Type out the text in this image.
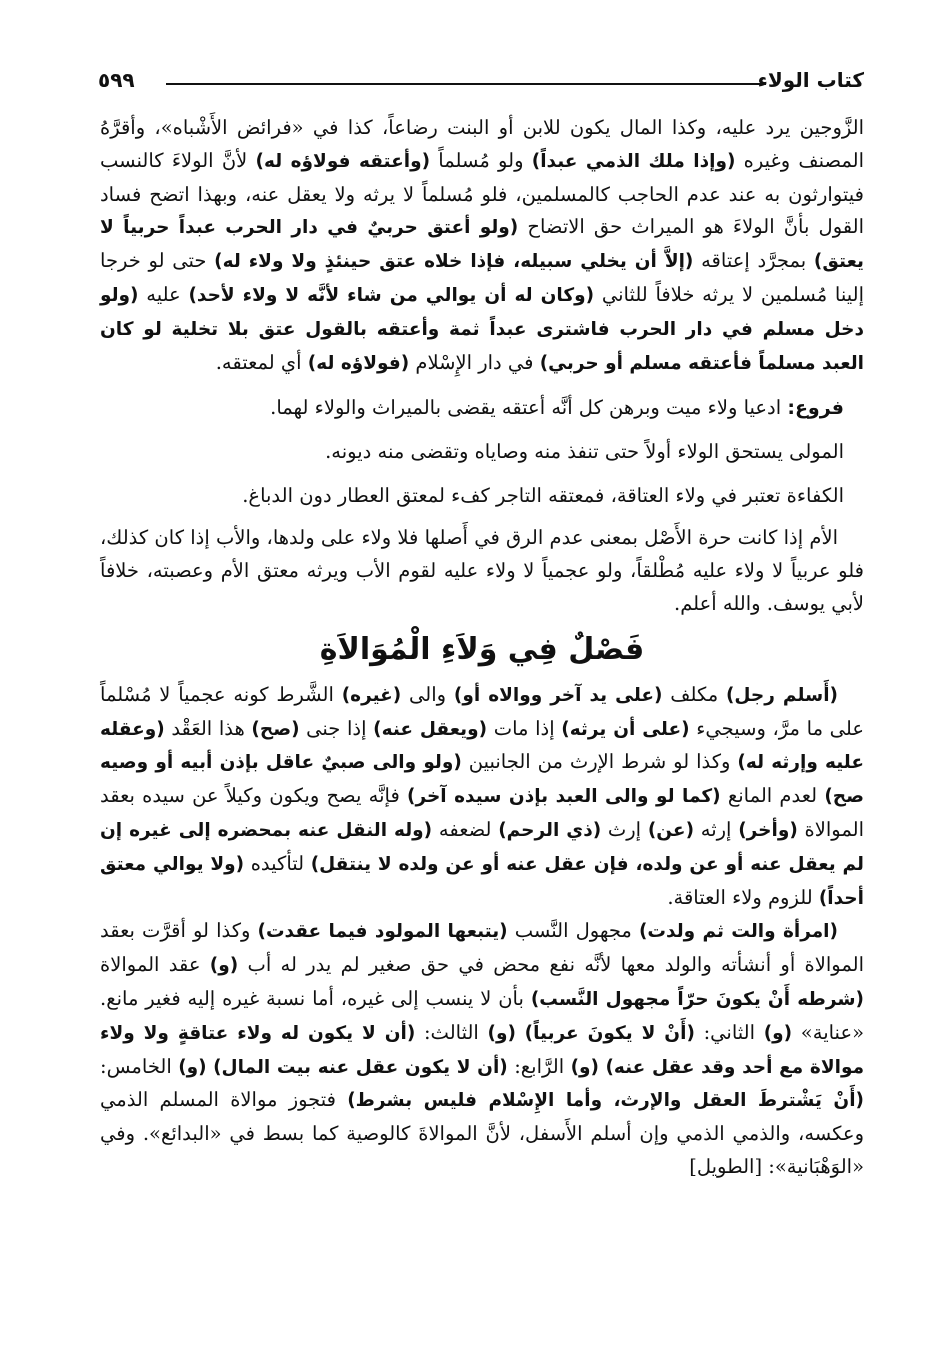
٥٩٩	كتاب الولاء

الزَّوجين يرد عليه، وكذا المال يكون للابن أو البنت رضاعاً، كذا في «فرائض الأَشْباه»، وأقرَّهُ المصنف وغيره (وإذا ملك الذمي عبداً) ولو مُسلماً (وأعتقه فولاؤه له) لأنَّ الولاءَ كالنسب فيتوارثون به عند عدم الحاجب كالمسلمين، فلو مُسلماً لا يرثه ولا يعقل عنه، وبهذا اتضح فساد القول بأنَّ الولاءَ هو الميراث حق الاتضاح (ولو أعتق حربيٌ في دار الحرب عبداً حربياً لا يعتق) بمجرَّد إعتاقه (إلاَّ أن يخلي سبيله، فإذا خلاه عتق حينئذٍ ولا ولاء له) حتى لو خرجا إلينا مُسلمين لا يرثه خلافاً للثاني (وكان له أن يوالي من شاء لأنَّه لا ولاء لأحد) عليه (ولو دخل مسلم في دار الحرب فاشترى عبداً ثمة وأعتقه بالقول عتق بلا تخلية لو كان العبد مسلماً فأعتقه مسلم أو حربي) في دار الإِسْلام (فولاؤه له) أي لمعتقه.

فروع: ادعيا ولاء ميت وبرهن كل أنَّه أعتقه يقضى بالميراث والولاء لهما.

المولى يستحق الولاء أولاً حتى تنفذ منه وصاياه وتقضى منه ديونه.

الكفاءة تعتبر في ولاء العتاقة، فمعتقه التاجر كفء لمعتق العطار دون الدباغ.

الأم إذا كانت حرة الأَصْل بمعنى عدم الرق في أَصلها فلا ولاء على ولدها، والأب إذا كان كذلك، فلو عربياً لا ولاء عليه مُطْلقاً، ولو عجمياً لا ولاء عليه لقوم الأب ويرثه معتق الأم وعصبته، خلافاً لأبي يوسف. والله أعلم.

فَصْلٌ فِي وَلاَءِ الْمُوَالاَةِ

(أَسلم رجل) مكلف (على يد آخر ووالاه أو) والى (غيره) الشَّرط كونه عجمياً لا مُسْلماً على ما مرَّ، وسيجيء (على أن يرثه) إذا مات (ويعقل عنه) إذا جنى (صح) هذا العَقْد (وعقله عليه وإرثه له) وكذا لو شرط الإرث من الجانبين (ولو والى صبيٌ عاقل بإذن أبيه أو وصيه صح) لعدم المانع (كما لو والى العبد بإذن سيده آخر) فإنَّه يصح ويكون وكيلاً عن سيده بعقد الموالاة (وأخر) إرثه (عن) إرث (ذي الرحم) لضعفه (وله النقل عنه بمحضره إلى غيره إن لم يعقل عنه أو عن ولده، فإن عقل عنه أو عن ولده لا ينتقل) لتأكيده (ولا يوالي معتق أحداً) للزوم ولاء العتاقة.

(امرأة والت ثم ولدت) مجهول النَّسب (يتبعها المولود فيما عقدت) وكذا لو أقرَّت بعقد الموالاة أو أنشأته والولد معها لأنَّه نفع محض في حق صغير لم يدر له أب (و) عقد الموالاة (شرطه أَنْ يكونَ حرّاً مجهول النَّسب) بأن لا ينسب إلى غيره، أما نسبة غيره إليه فغير مانع. «عناية» (و) الثاني: (أَنْ لا يكونَ عربياً) (و) الثالث: (أن لا يكون له ولاء عتاقةٍ ولا ولاء موالاة مع أحد وقد عقل عنه) (و) الرَّابع: (أن لا يكون عقل عنه بيت المال) (و) الخامس: (أَنْ يَشْترطَ العقل والإرث، وأما الإِسْلام فليس بشرط) فتجوز موالاة المسلم الذمي وعكسه، والذمي الذمي وإن أسلم الأَسفل، لأنَّ الموالاةَ كالوصية كما بسط في «البدائع». وفي «الوَهْبَانية»: [الطويل]
